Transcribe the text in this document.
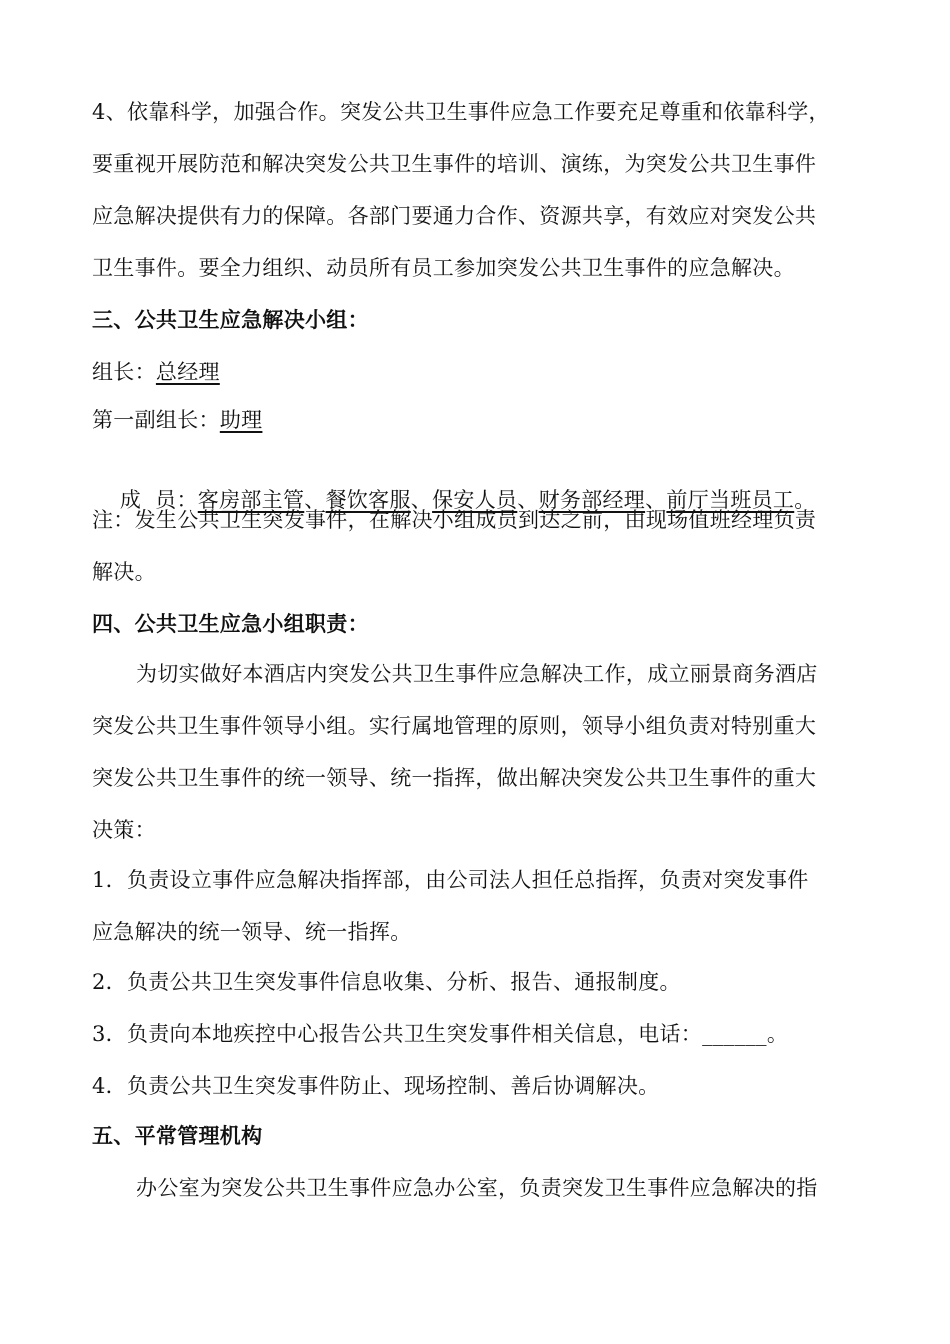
4、依靠科学，加强合作。突发公共卫生事件应急工作要充足尊重和依靠科学，
要重视开展防范和解决突发公共卫生事件的培训、演练，为突发公共卫生事件
应急解决提供有力的保障。各部门要通力合作、资源共享，有效应对突发公共
卫生事件。要全力组织、动员所有员工参加突发公共卫生事件的应急解决。
三、公共卫生应急解决小组：
组长：总经理
第一副组长：助理

成  员：客房部主管、餐饮客服、保安人员、财务部经理、前厅当班员工。

注：发生公共卫生突发事件，在解决小组成员到达之前，由现场值班经理负责
解决。
四、公共卫生应急小组职责：
为切实做好本酒店内突发公共卫生事件应急解决工作，成立丽景商务酒店
突发公共卫生事件领导小组。实行属地管理的原则，领导小组负责对特别重大
突发公共卫生事件的统一领导、统一指挥，做出解决突发公共卫生事件的重大
决策：
1．负责设立事件应急解决指挥部，由公司法人担任总指挥，负责对突发事件
应急解决的统一领导、统一指挥。
2．负责公共卫生突发事件信息收集、分析、报告、通报制度。
3．负责向本地疾控中心报告公共卫生突发事件相关信息，电话：______。
4．负责公共卫生突发事件防止、现场控制、善后协调解决。
五、平常管理机构
办公室为突发公共卫生事件应急办公室，负责突发卫生事件应急解决的指
